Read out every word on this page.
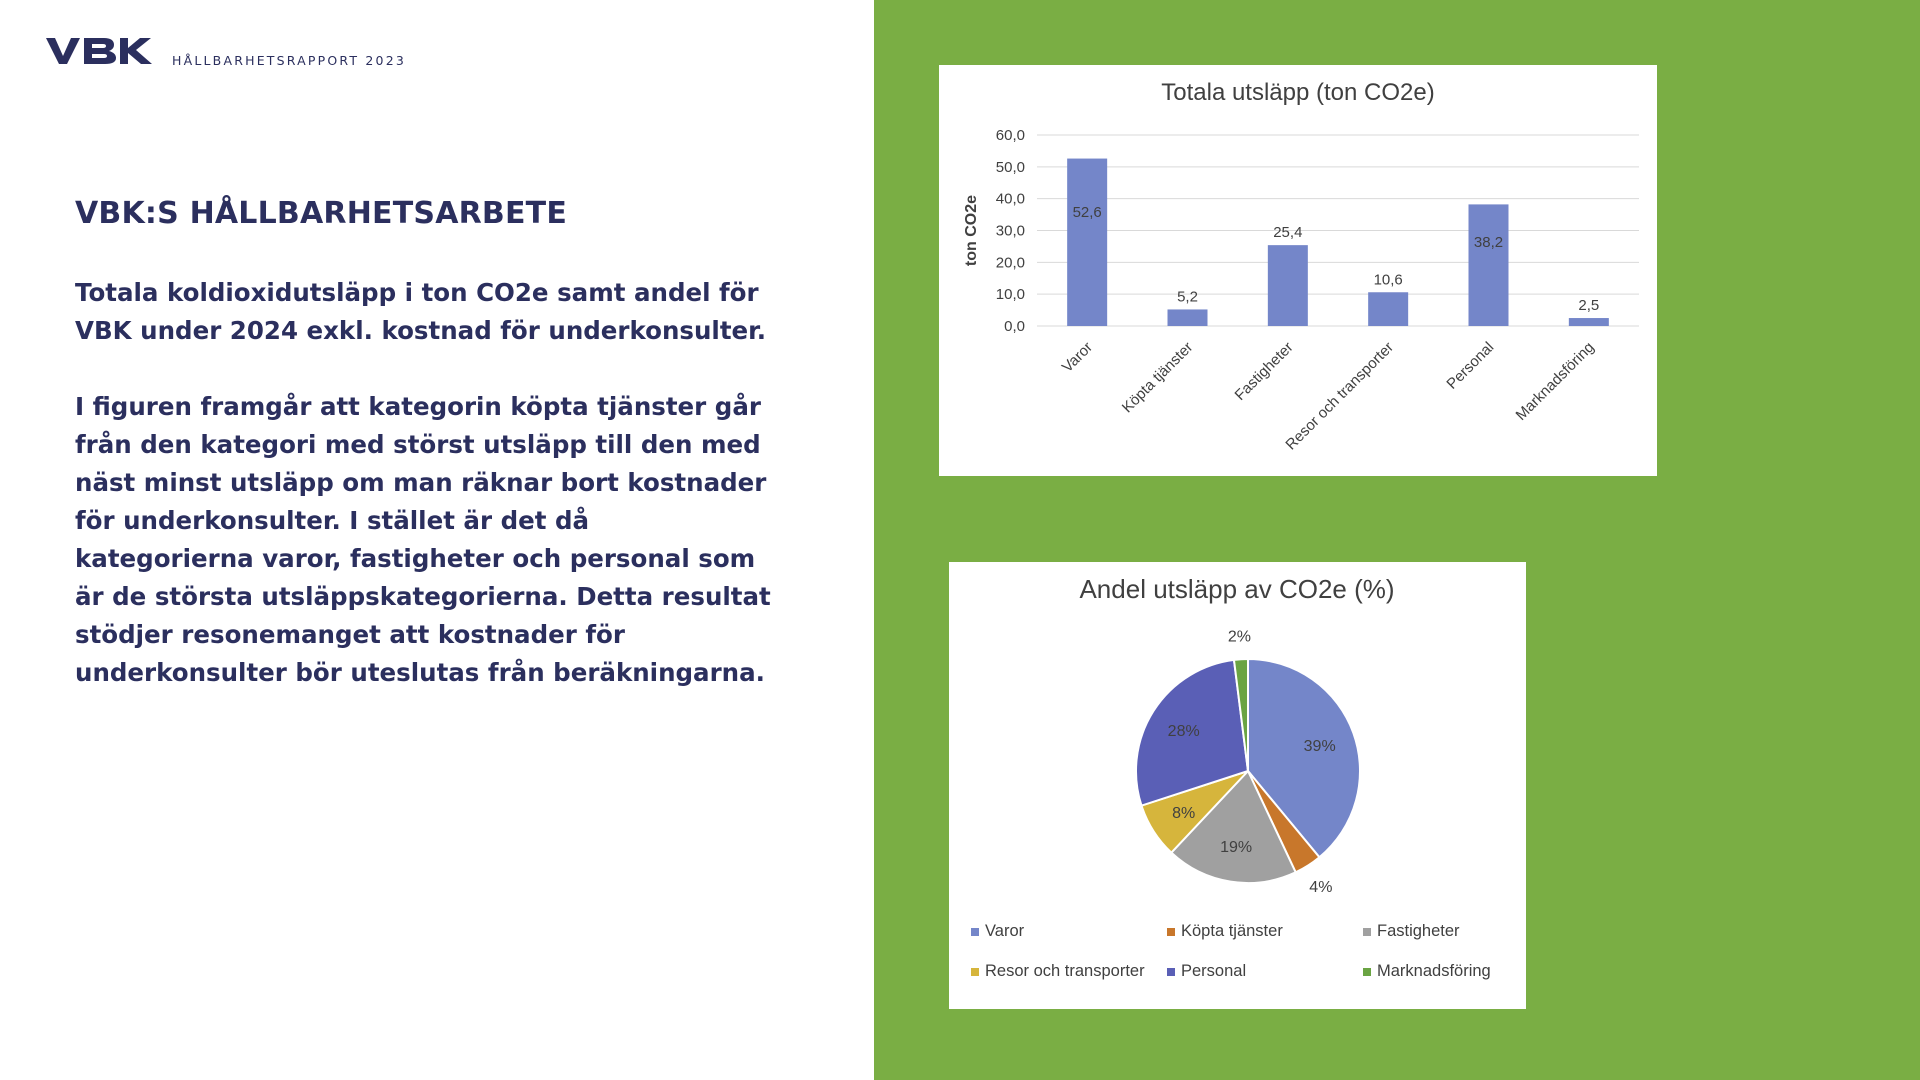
HÅLLBARHETSRAPPORT 2023
VBK:S HÅLLBARHETSARBETE

Totala koldioxidutsläpp i ton CO2e samt andel för VBK under 2024 exkl. kostnad för underkonsulter.

I figuren framgår att kategorin köpta tjänster går från den kategori med störst utsläpp till den med näst minst utsläpp om man räknar bort kostnader för underkonsulter. I stället är det då kategorierna varor, fastigheter och personal som är de största utsläppskategorierna. Detta resultat stödjer resonemanget att kostnader för underkonsulter bör uteslutas från beräkningarna.

Totala utsläpp (ton CO2e)
0,0
10,0
20,0
30,0
40,0
50,0
60,0
ton CO2e	52,6
Varor
5,2
Köpta tjänster
25,4
Fastigheter
10,6
Resor och transporter
38,2
Personal
2,5
Marknadsföring
Andel utsläpp av CO2e (%)
39%
4%
19%
8%
28%
2%
Varor	Köpta tjänster	Fastigheter
Resor och transporter Personal	Marknadsföring
